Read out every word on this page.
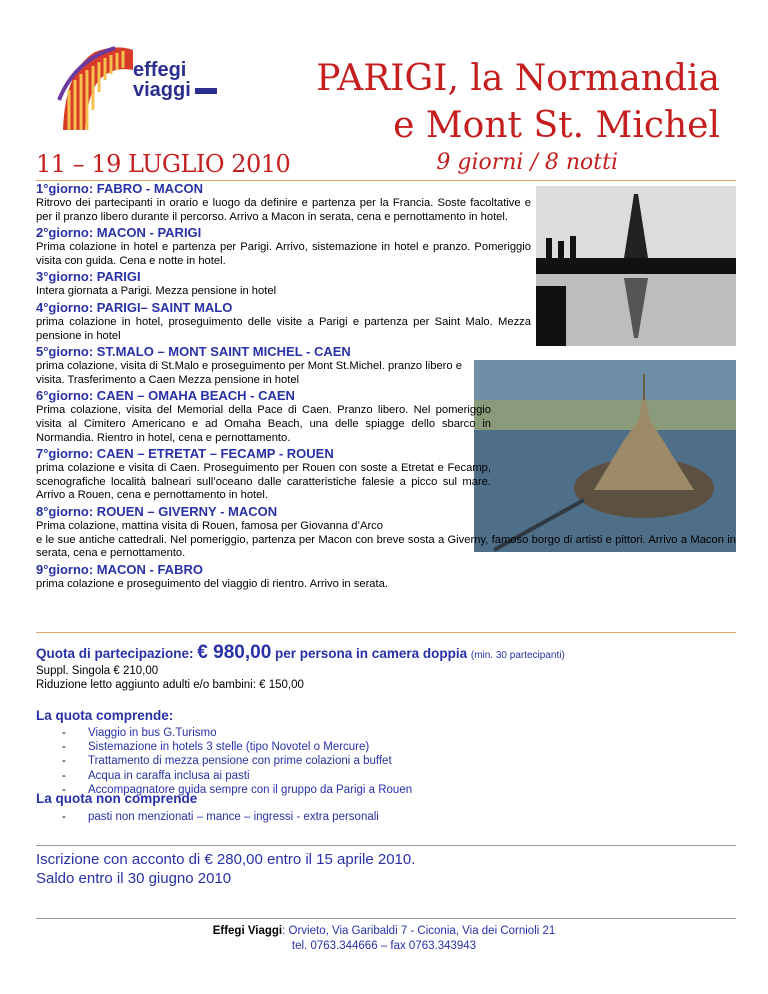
effegi
viaggi	PARIGI, la Normandia
e Mont St. Michel
11 – 19 LUGLIO 2010	9 giorni / 8 notti
1°giorno: FABRO - MACON

Ritrovo dei partecipanti in orario e luogo da definire e partenza per la Francia. Soste facoltative e per il pranzo libero durante il percorso. Arrivo a Macon in serata, cena e pernottamento in hotel.

2°giorno: MACON - PARIGI

Prima colazione in hotel e partenza per Parigi. Arrivo, sistemazione in hotel e pranzo. Pomeriggio visita con guida. Cena e notte in hotel.

3°giorno: PARIGI

Intera giornata a Parigi. Mezza pensione in hotel

4°giorno: PARIGI– SAINT MALO

prima colazione in hotel, proseguimento delle visite a Parigi e partenza per Saint Malo. Mezza pensione in hotel

5°giorno: ST.MALO – MONT SAINT MICHEL - CAEN

prima colazione, visita di St.Malo e proseguimento per Mont St.Michel. pranzo libero e visita. Trasferimento a Caen Mezza pensione in hotel

6°giorno: CAEN – OMAHA BEACH - CAEN

Prima colazione, visita del Memorial della Pace di Caen. Pranzo libero. Nel pomeriggio visita al Cimitero Americano e ad Omaha Beach, una delle spiagge dello sbarco in Normandia. Rientro in hotel, cena e pernottamento.

7°giorno: CAEN – ETRETAT – FECAMP - ROUEN

prima colazione e visita di Caen. Proseguimento per Rouen con soste a Etretat e Fecamp, scenografiche località balneari sull’oceano dalle caratteristiche falesie a picco sul mare. Arrivo a Rouen, cena e pernottamento in hotel.

8°giorno: ROUEN – GIVERNY - MACON

Prima colazione, mattina visita di Rouen, famosa per Giovanna d’Arco

e le sue antiche cattedrali. Nel pomeriggio, partenza per Macon con breve sosta a Giverny, famoso borgo di artisti e pittori. Arrivo a Macon in serata, cena e pernottamento.

9°giorno: MACON - FABRO

prima colazione e proseguimento del viaggio di rientro. Arrivo in serata.

Quota di partecipazione: € 980,00 per persona in camera doppia (min. 30 partecipanti)
Suppl. Singola € 210,00
Riduzione letto aggiunto adulti e/o bambini: € 150,00
La quota comprende:
- Viaggio in bus G.Turismo
- Sistemazione in hotels 3 stelle (tipo Novotel o Mercure)
- Trattamento di mezza pensione con prime colazioni a buffet
- Acqua in caraffa inclusa ai pasti
- Accompagnatore guida sempre con il gruppo da Parigi a Rouen
La quota non comprende
- pasti non menzionati – mance – ingressi - extra personali
Iscrizione con acconto di € 280,00 entro il 15 aprile 2010.
Saldo entro il 30 giugno 2010
Effegi Viaggi: Orvieto, Via Garibaldi 7 - Ciconia, Via dei Cornioli 21
tel. 0763.344666 – fax 0763.343943
